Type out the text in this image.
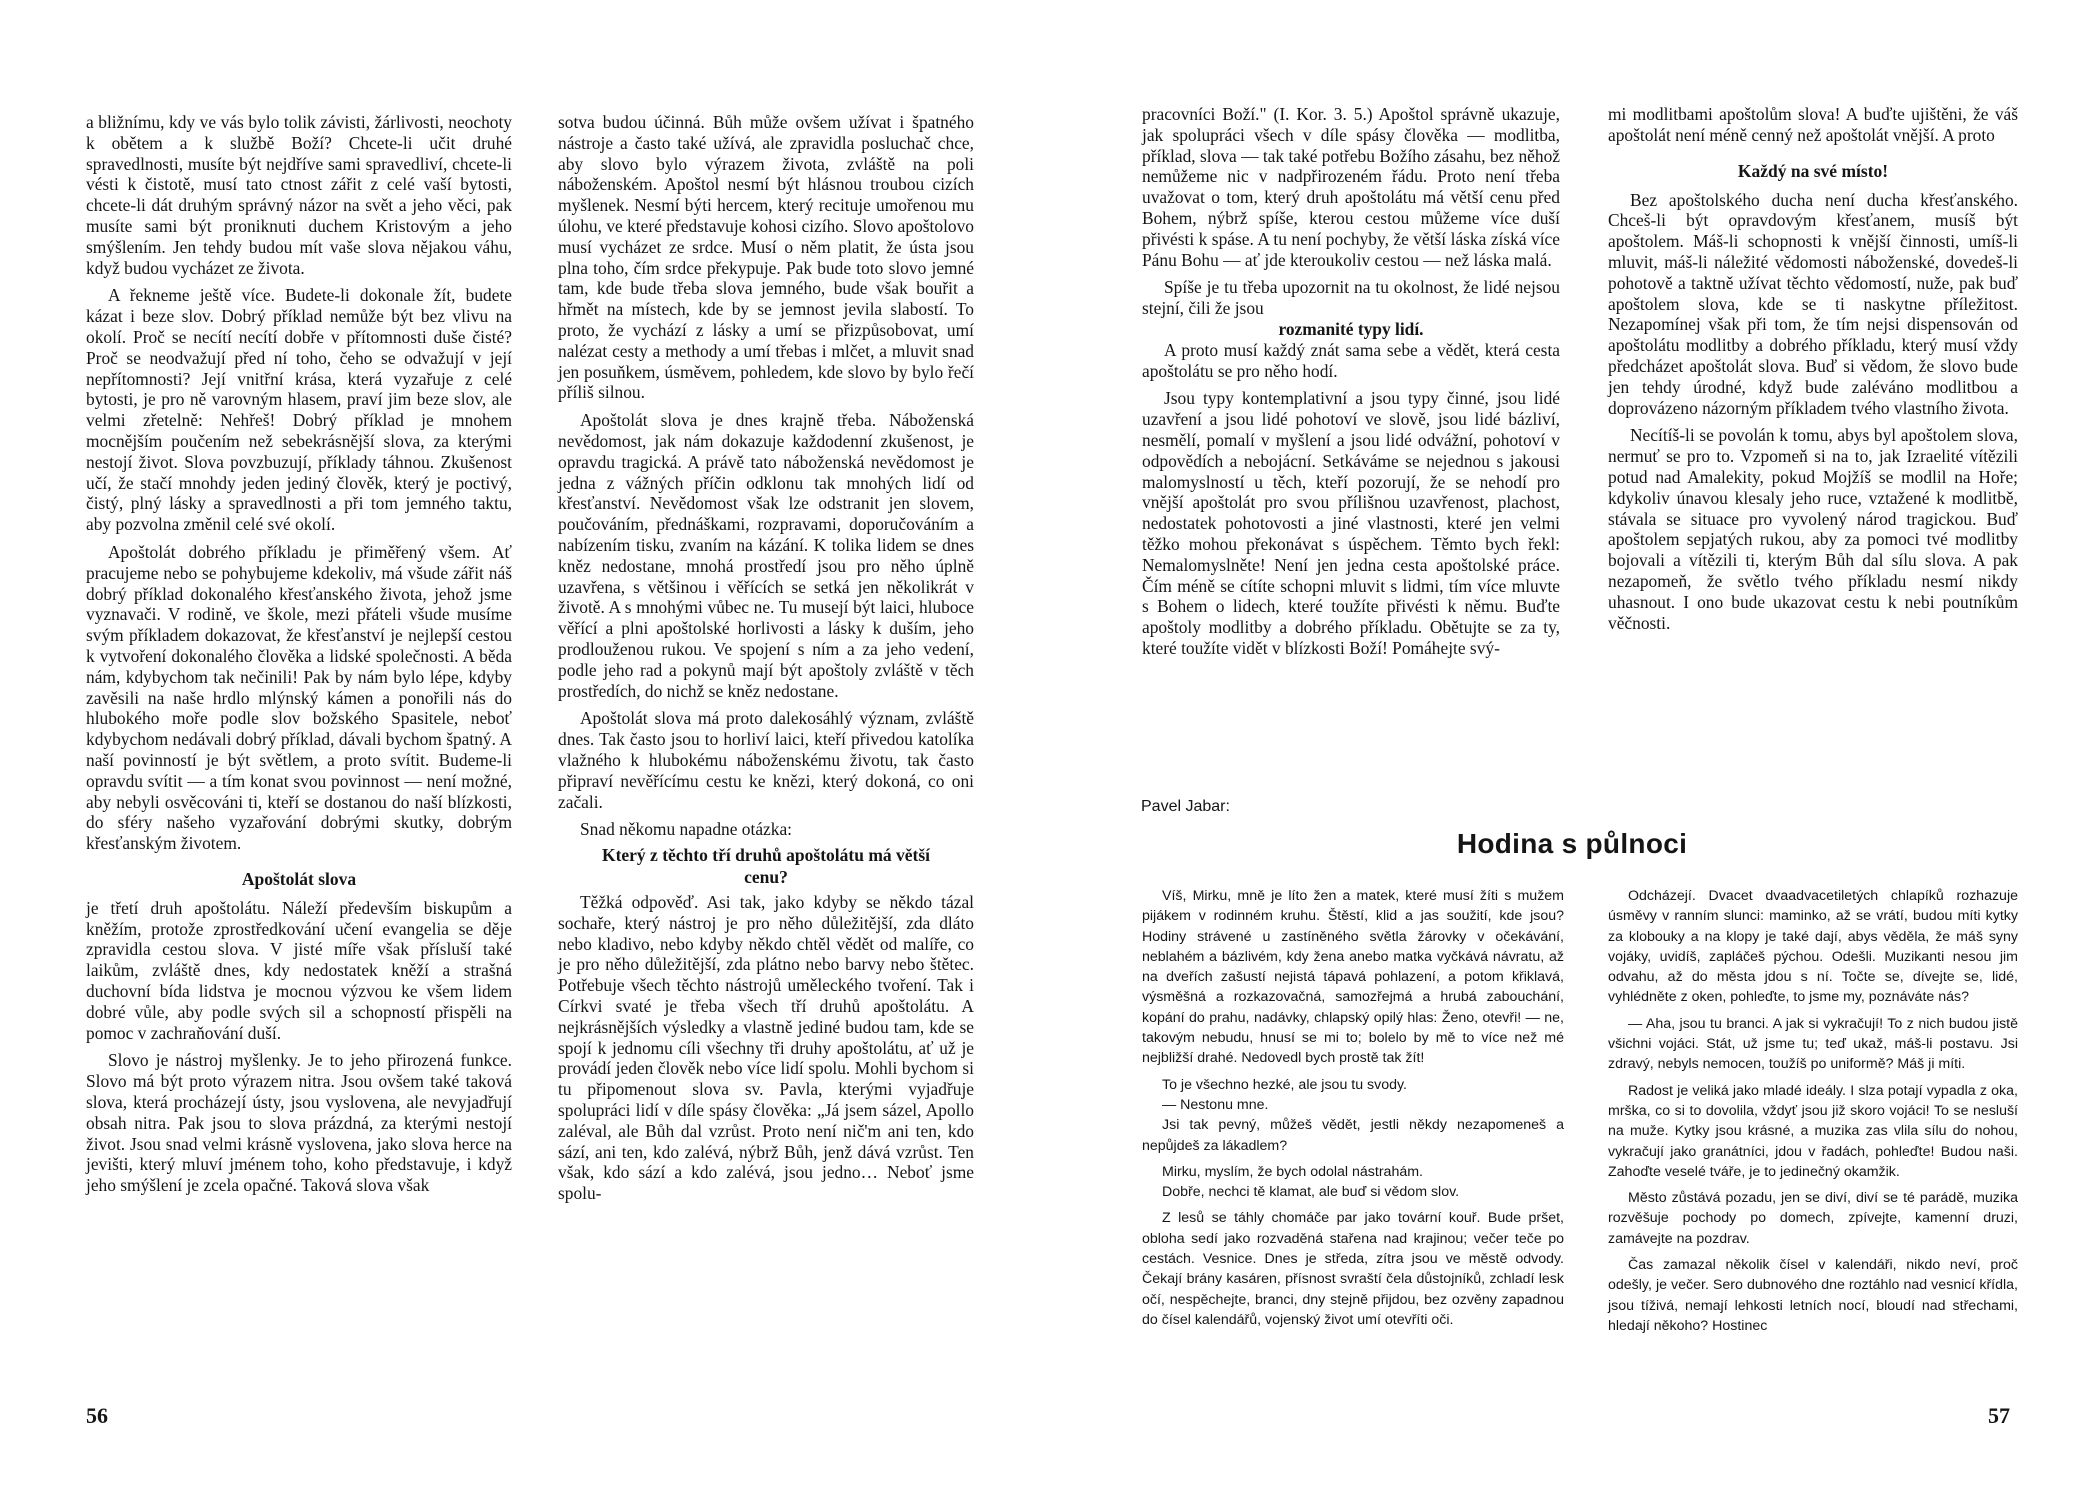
a bližnímu, kdy ve vás bylo tolik závisti, žárlivosti, neochoty k obětem a k službě Boží? Chcete-li učit druhé spravedlnosti, musíte být nejdříve sami spravedliví, chcete-li vésti k čistotě, musí tato ctnost zářit z celé vaší bytosti, chcete-li dát druhým správný názor na svět a jeho věci, pak musíte sami být proniknuti duchem Kristovým a jeho smýšlením. Jen tehdy budou mít vaše slova nějakou váhu, když budou vycházet ze života.

A řekneme ještě více. Budete-li dokonale žít, budete kázat i beze slov. Dobrý příklad nemůže být bez vlivu na okolí. Proč se necítí necítí dobře v přítomnosti duše čisté? Proč se neodvažují před ní toho, čeho se odvažují v její nepřítomnosti? Její vnitřní krása, která vyzařuje z celé bytosti, je pro ně varovným hlasem, praví jim beze slov, ale velmi zřetelně: Nehřeš! Dobrý příklad je mnohem mocnějším poučením než sebekrásnější slova, za kterými nestojí život. Slova povzbuzují, příklady táhnou. Zkušenost učí, že stačí mnohdy jeden jediný člověk, který je poctivý, čistý, plný lásky a spravedlnosti a při tom jemného taktu, aby pozvolna změnil celé své okolí.

Apoštolát dobrého příkladu je přiměřený všem. Ať pracujeme nebo se pohybujeme kdekoliv, má všude zářit náš dobrý příklad dokonalého křesťanského života, jehož jsme vyznavači. V rodině, ve škole, mezi přáteli všude musíme svým příkladem dokazovat, že křesťanství je nejlepší cestou k vytvoření dokonalého člověka a lidské společnosti. A běda nám, kdybychom tak nečinili! Pak by nám bylo lépe, kdyby zavěsili na naše hrdlo mlýnský kámen a ponořili nás do hlubokého moře podle slov božského Spasitele, neboť kdybychom nedávali dobrý příklad, dávali bychom špatný. A naší povinností je být světlem, a proto svítit. Budeme-li opravdu svítit — a tím konat svou povinnost — není možné, aby nebyli osvěcováni ti, kteří se dostanou do naší blízkosti, do sféry našeho vyzařování dobrými skutky, dobrým křesťanským životem.

Apoštolát slova

je třetí druh apoštolátu. Náleží především biskupům a kněžím, protože zprostředkování učení evangelia se děje zpravidla cestou slova. V jisté míře však přísluší také laikům, zvláště dnes, kdy nedostatek kněží a strašná duchovní bída lidstva je mocnou výzvou ke všem lidem dobré vůle, aby podle svých sil a schopností přispěli na pomoc v zachraňování duší.

Slovo je nástroj myšlenky. Je to jeho přirozená funkce. Slovo má být proto výrazem nitra. Jsou ovšem také taková slova, která procházejí ústy, jsou vyslovena, ale nevyjadřují obsah nitra. Pak jsou to slova prázdná, za kterými nestojí život. Jsou snad velmi krásně vyslovena, jako slova herce na jevišti, který mluví jménem toho, koho představuje, i když jeho smýšlení je zcela opačné. Taková slova však

sotva budou účinná. Bůh může ovšem užívat i špatného nástroje a často také užívá, ale zpravidla posluchač chce, aby slovo bylo výrazem života, zvláště na poli náboženském. Apoštol nesmí být hlásnou troubou cizích myšlenek. Nesmí býti hercem, který recituje umořenou mu úlohu, ve které představuje kohosi cizího. Slovo apoštolovo musí vycházet ze srdce. Musí o něm platit, že ústa jsou plna toho, čím srdce překypuje. Pak bude toto slovo jemné tam, kde bude třeba slova jemného, bude však bouřit a hřmět na místech, kde by se jemnost jevila slabostí. To proto, že vychází z lásky a umí se přizpůsobovat, umí nalézat cesty a methody a umí třebas i mlčet, a mluvit snad jen posuňkem, úsměvem, pohledem, kde slovo by bylo řečí příliš silnou.

Apoštolát slova je dnes krajně třeba. Náboženská nevědomost, jak nám dokazuje každodenní zkušenost, je opravdu tragická. A právě tato náboženská nevědomost je jedna z vážných příčin odklonu tak mnohých lidí od křesťanství. Nevědomost však lze odstranit jen slovem, poučováním, přednáškami, rozpravami, doporučováním a nabízením tisku, zvaním na kázání. K tolika lidem se dnes kněz nedostane, mnohá prostředí jsou pro něho úplně uzavřena, s většinou i věřících se setká jen několikrát v životě. A s mnohými vůbec ne. Tu musejí být laici, hluboce věřící a plni apoštolské horlivosti a lásky k duším, jeho prodlouženou rukou. Ve spojení s ním a za jeho vedení, podle jeho rad a pokynů mají být apoštoly zvláště v těch prostředích, do nichž se kněz nedostane.

Apoštolát slova má proto dalekosáhlý význam, zvláště dnes. Tak často jsou to horliví laici, kteří přivedou katolíka vlažného k hlubokému náboženskému životu, tak často připraví nevěřícímu cestu ke knězi, který dokoná, co oni začali.

Snad někomu napadne otázka:

Který z těchto tří druhů apoštolátu má větší cenu?

Těžká odpověď. Asi tak, jako kdyby se někdo tázal sochaře, který nástroj je pro něho důležitější, zda dláto nebo kladivo, nebo kdyby někdo chtěl vědět od malíře, co je pro něho důležitější, zda plátno nebo barvy nebo štětec. Potřebuje všech těchto nástrojů uměleckého tvoření. Tak i Církvi svaté je třeba všech tří druhů apoštolátu. A nejkrásnějších výsledky a vlastně jediné budou tam, kde se spojí k jednomu cíli všechny tři druhy apoštolátu, ať už je provádí jeden člověk nebo více lidí spolu. Mohli bychom si tu připomenout slova sv. Pavla, kterými vyjadřuje spolupráci lidí v díle spásy člověka: „Já jsem sázel, Apollo zaléval, ale Bůh dal vzrůst. Proto není nič'm ani ten, kdo sází, ani ten, kdo zalévá, nýbrž Bůh, jenž dává vzrůst. Ten však, kdo sází a kdo zalévá, jsou jedno… Neboť jsme spolu-

56

pracovníci Boží." (I. Kor. 3. 5.) Apoštol správně ukazuje, jak spolupráci všech v díle spásy člověka — modlitba, příklad, slova — tak také potřebu Božího zásahu, bez něhož nemůžeme nic v nadpřirozeném řádu. Proto není třeba uvažovat o tom, který druh apoštolátu má větší cenu před Bohem, nýbrž spíše, kterou cestou můžeme více duší přivésti k spáse. A tu není pochyby, že větší láska získá více Pánu Bohu — ať jde kteroukoliv cestou — než láska malá.

Spíše je tu třeba upozornit na tu okolnost, že lidé nejsou stejní, čili že jsou

rozmanité typy lidí.

A proto musí každý znát sama sebe a vědět, která cesta apoštolátu se pro něho hodí.

Jsou typy kontemplativní a jsou typy činné, jsou lidé uzavření a jsou lidé pohotoví ve slově, jsou lidé bázliví, nesmělí, pomalí v myšlení a jsou lidé odvážní, pohotoví v odpovědích a nebojácní. Setkáváme se nejednou s jakousi malomyslností u těch, kteří pozorují, že se nehodí pro vnější apoštolát pro svou přílišnou uzavřenost, plachost, nedostatek pohotovosti a jiné vlastnosti, které jen velmi těžko mohou překonávat s úspěchem. Těmto bych řekl: Nemalomyslněte! Není jen jedna cesta apoštolské práce. Čím méně se cítíte schopni mluvit s lidmi, tím více mluvte s Bohem o lidech, které toužíte přivésti k němu. Buďte apoštoly modlitby a dobrého příkladu. Obětujte se za ty, které toužíte vidět v blízkosti Boží! Pomáhejte svý-

mi modlitbami apoštolům slova! A buďte ujištěni, že váš apoštolát není méně cenný než apoštolát vnější. A proto

Každý na své místo!

Bez apoštolského ducha není ducha křesťanského. Chceš-li být opravdovým křesťanem, musíš být apoštolem. Máš-li schopnosti k vnější činnosti, umíš-li mluvit, máš-li náležité vědomosti náboženské, dovedeš-li pohotově a taktně užívat těchto vědomostí, nuže, pak buď apoštolem slova, kde se ti naskytne příležitost. Nezapomínej však při tom, že tím nejsi dispensován od apoštolátu modlitby a dobrého příkladu, který musí vždy předcházet apoštolát slova. Buď si vědom, že slovo bude jen tehdy úrodné, když bude zaléváno modlitbou a doprovázeno názorným příkladem tvého vlastního života.

Necítíš-li se povolán k tomu, abys byl apoštolem slova, nermuť se pro to. Vzpomeň si na to, jak Izraelité vítězili potud nad Amalekity, pokud Mojžíš se modlil na Hoře; kdykoliv únavou klesaly jeho ruce, vztažené k modlitbě, stávala se situace pro vyvolený národ tragickou. Buď apoštolem sepjatých rukou, aby za pomoci tvé modlitby bojovali a vítězili ti, kterým Bůh dal sílu slova. A pak nezapomeň, že světlo tvého příkladu nesmí nikdy uhasnout. I ono bude ukazovat cestu k nebi poutníkům věčnosti.

Pavel Jabar:
Hodina s půlnoci

Víš, Mirku, mně je líto žen a matek, které musí žíti s mužem pijákem v rodinném kruhu. Štěstí, klid a jas soužití, kde jsou? Hodiny strávené u zastíněného světla žárovky v očekávání, neblahém a bázlivém, kdy žena anebo matka vyčkává návratu, až na dveřích zašustí nejistá tápavá pohlazení, a potom křiklavá, výsměšná a rozkazovačná, samozřejmá a hrubá zabouchání, kopání do prahu, nadávky, chlapský opilý hlas: Ženo, otevři! — ne, takovým nebudu, hnusí se mi to; bolelo by mě to více než mé nejbližší drahé. Nedovedl bych prostě tak žít!

To je všechno hezké, ale jsou tu svody.

— Nestonu mne.

Jsi tak pevný, můžeš vědět, jestli někdy nezapomeneš a nepůjdeš za lákadlem?

Mirku, myslím, že bych odolal nástrahám.

Dobře, nechci tě klamat, ale buď si vědom slov.

Z lesů se táhly chomáče par jako tovární kouř. Bude pršet, obloha sedí jako rozvaděná stařena nad krajinou; večer teče po cestách. Vesnice. Dnes je středa, zítra jsou ve městě odvody. Čekají brány kasáren, přísnost svraští čela důstojníků, zchladí lesk očí, nespěchejte, branci, dny stejně přijdou, bez ozvěny zapadnou do čísel kalendářů, vojenský život umí otevříti oči.

Odcházejí. Dvacet dvaadvacetiletých chlapíků rozhazuje úsměvy v ranním slunci: maminko, až se vrátí, budou míti kytky za kloboukу a na klopy je také dají, abys věděla, že máš syny vojáky, uvidíš, zapláčeš pýchou. Odešli. Muzikanti nesou jim odvahu, až do města jdou s ní. Točte se, dívejte se, lidé, vyhlédněte z oken, pohleďte, to jsme my, poznáváte nás?

— Aha, jsou tu branci. A jak si vykračují! To z nich budou jistě všichni vojáci. Stát, už jsme tu; teď ukaž, máš-li postavu. Jsi zdravý, nebyls nemocen, toužíš po uniformě? Máš ji míti.

Radost je veliká jako mladé ideály. I slza potají vypadla z oka, mrška, co si to dovolila, vždyť jsou již skoro vojáci! To se nesluší na muže. Kytky jsou krásné, a muzika zas vlila sílu do nohou, vykračují jako granátníci, jdou v řadách, pohleďte! Budou naši. Zahoďte veselé tváře, je to jedinečný okamžik.

Město zůstává pozadu, jen se diví, diví se té parádě, muzika rozvěšuje pochody po domech, zpívejte, kamenní druzi, zamávejte na pozdrav.

Čas zamazal několik čísel v kalendáři, nikdo neví, proč odešly, je večer. Sero dubnového dne roztáhlo nad vesnicí křídla, jsou tíživá, nemají lehkosti letních nocí, bloudí nad střechami, hledají někoho? Hostinec

57
